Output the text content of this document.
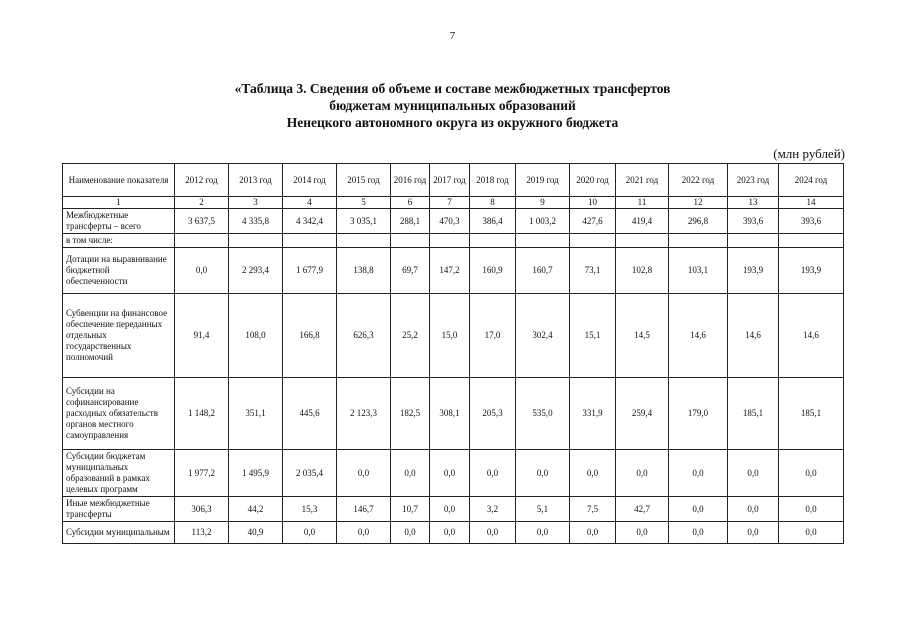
7
«Таблица 3. Сведения об объеме и составе межбюджетных трансфертов
бюджетам муниципальных образований
Ненецкого автономного округа из окружного бюджета
(млн рублей)
Наименование показателя	2012 год	2013 год	2014 год	2015 год	2016 год	2017 год	2018 год	2019 год	2020 год	2021 год	2022 год	2023 год	2024 год
1	2	3	4	5	6	7	8	9	10	11	12	13	14
Межбюджетные трансферты – всего	3 637,5	4 335,8	4 342,4	3 035,1	288,1	470,3	386,4	1 003,2	427,6	419,4	296,8	393,6	393,6
в том числе:													
Дотации на выравнивание бюджетной обеспеченности	0,0	2 293,4	1 677,9	138,8	69,7	147,2	160,9	160,7	73,1	102,8	103,1	193,9	193,9
Субвенции на финансовое обеспечение переданных отдельных государственных полномочий	91,4	108,0	166,8	626,3	25,2	15,0	17,0	302,4	15,1	14,5	14,6	14,6	14,6
Субсидии на софинансирование расходных обязательств органов местного самоуправления	1 148,2	351,1	445,6	2 123,3	182,5	308,1	205,3	535,0	331,9	259,4	179,0	185,1	185,1
Субсидии бюджетам муниципальных образований в рамках целевых программ	1 977,2	1 495,9	2 035,4	0,0	0,0	0,0	0,0	0,0	0,0	0,0	0,0	0,0	0,0
Иные межбюджетные трансферты	306,3	44,2	15,3	146,7	10,7	0,0	3,2	5,1	7,5	42,7	0,0	0,0	0,0
Субсидии муниципальным	113,2	40,9	0,0	0,0	0,0	0,0	0,0	0,0	0,0	0,0	0,0	0,0	0,0
